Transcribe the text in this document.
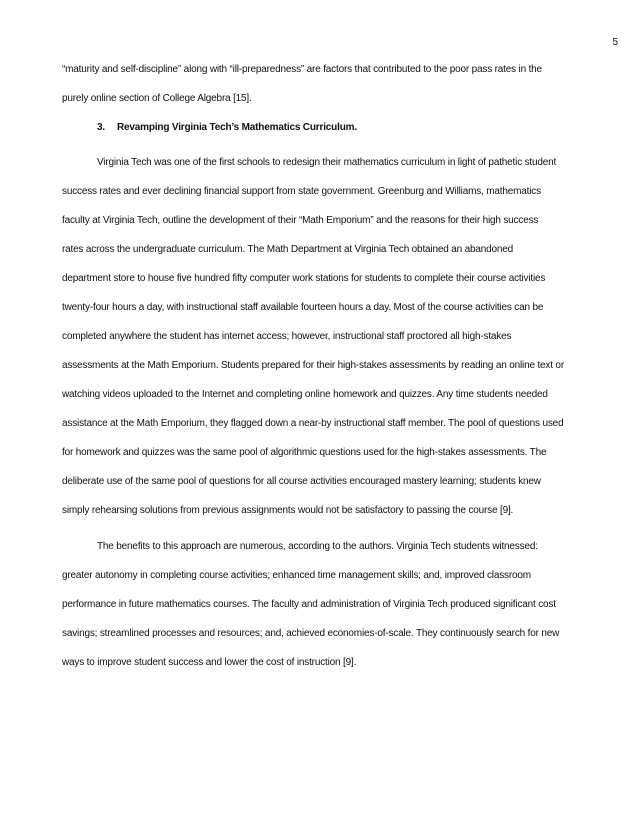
5
“maturity and self-discipline” along with “ill-preparedness” are factors that contributed to the poor pass rates in the
purely online section of College Algebra [15].
3. Revamping Virginia Tech’s Mathematics Curriculum.
Virginia Tech was one of the first schools to redesign their mathematics curriculum in light of pathetic student
success rates and ever declining financial support from state government. Greenburg and Williams, mathematics
faculty at Virginia Tech, outline the development of their “Math Emporium” and the reasons for their high success
rates across the undergraduate curriculum. The Math Department at Virginia Tech obtained an abandoned
department store to house five hundred fifty computer work stations for students to complete their course activities
twenty-four hours a day, with instructional staff available fourteen hours a day. Most of the course activities can be
completed anywhere the student has internet access; however, instructional staff proctored all high-stakes
assessments at the Math Emporium. Students prepared for their high-stakes assessments by reading an online text or
watching videos uploaded to the Internet and completing online homework and quizzes. Any time students needed
assistance at the Math Emporium, they flagged down a near-by instructional staff member. The pool of questions used
for homework and quizzes was the same pool of algorithmic questions used for the high-stakes assessments. The
deliberate use of the same pool of questions for all course activities encouraged mastery learning; students knew
simply rehearsing solutions from previous assignments would not be satisfactory to passing the course [9].
The benefits to this approach are numerous, according to the authors. Virginia Tech students witnessed:
greater autonomy in completing course activities; enhanced time management skills; and, improved classroom
performance in future mathematics courses. The faculty and administration of Virginia Tech produced significant cost
savings; streamlined processes and resources; and, achieved economies-of-scale. They continuously search for new
ways to improve student success and lower the cost of instruction [9].
